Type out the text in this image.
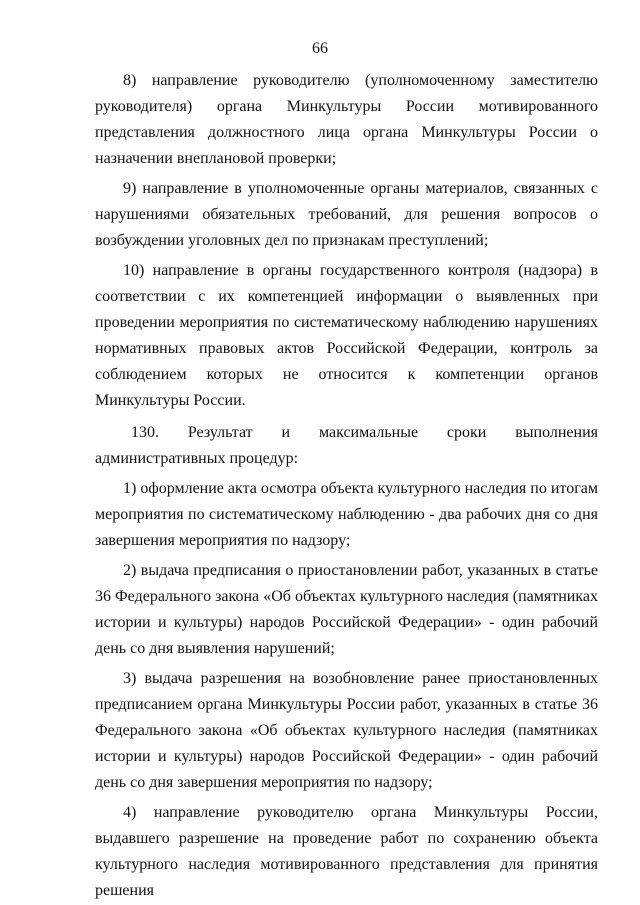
66

8) направление руководителю (уполномоченному заместителю руководителя) органа Минкультуры России мотивированного представления должностного лица органа Минкультуры России о назначении внеплановой проверки;

9) направление в уполномоченные органы материалов, связанных с нарушениями обязательных требований, для решения вопросов о возбуждении уголовных дел по признакам преступлений;

10) направление в органы государственного контроля (надзора) в соответствии с их компетенцией информации о выявленных при проведении мероприятия по систематическому наблюдению нарушениях нормативных правовых актов Российской Федерации, контроль за соблюдением которых не относится к компетенции органов Минкультуры России.

130. Результат и максимальные сроки выполнения административных процедур:

1) оформление акта осмотра объекта культурного наследия по итогам мероприятия по систематическому наблюдению - два рабочих дня со дня завершения мероприятия по надзору;

2) выдача предписания о приостановлении работ, указанных в статье 36 Федерального закона «Об объектах культурного наследия (памятниках истории и культуры) народов Российской Федерации» - один рабочий день со дня выявления нарушений;

3) выдача разрешения на возобновление ранее приостановленных предписанием органа Минкультуры России работ, указанных в статье 36 Федерального закона «Об объектах культурного наследия (памятниках истории и культуры) народов Российской Федерации» - один рабочий день со дня завершения мероприятия по надзору;

4) направление руководителю органа Минкультуры России, выдавшего разрешение на проведение работ по сохранению объекта культурного наследия мотивированного представления для принятия решения
